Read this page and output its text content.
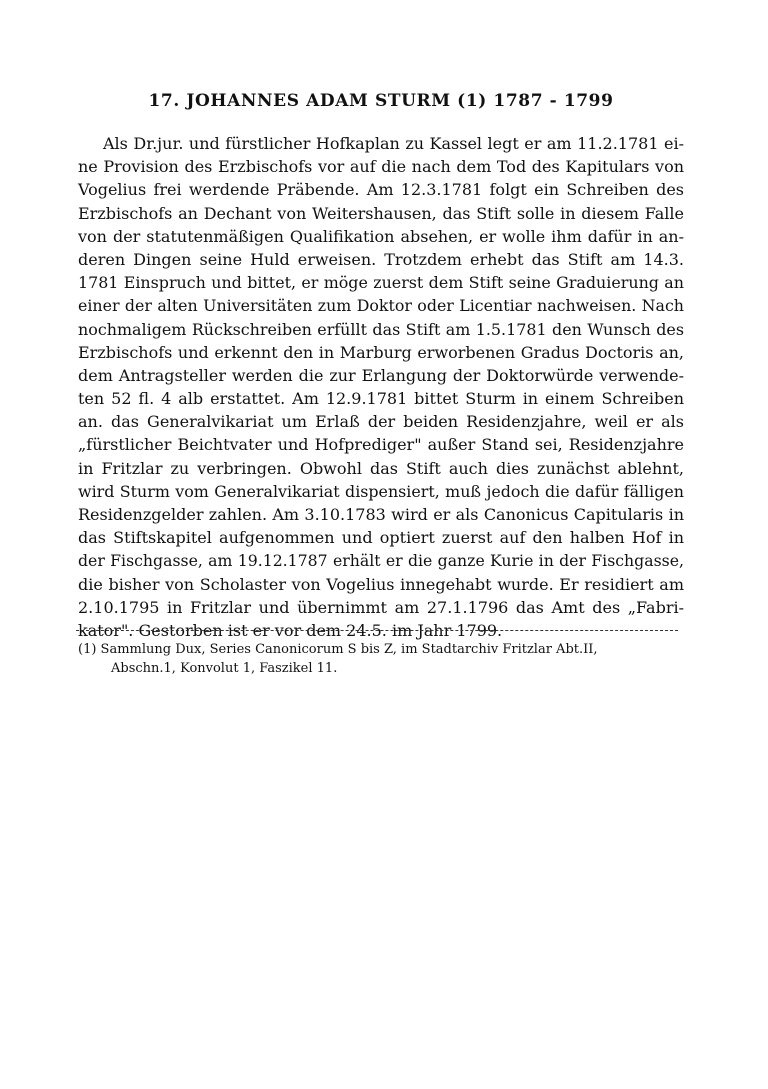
17. JOHANNES ADAM STURM (1) 1787 - 1799
Als Dr.jur. und fürstlicher Hofkaplan zu Kassel legt er am 11.2.1781 ei-
ne Provision des Erzbischofs vor auf die nach dem Tod des Kapitulars von
Vogelius frei werdende Präbende. Am 12.3.1781 folgt ein Schreiben des
Erzbischofs an Dechant von Weitershausen, das Stift solle in diesem Falle
von der statutenmäßigen Qualifikation absehen, er wolle ihm dafür in an-
deren Dingen seine Huld erweisen. Trotzdem erhebt das Stift am 14.3.
1781 Einspruch und bittet, er möge zuerst dem Stift seine Graduierung an
einer der alten Universitäten zum Doktor oder Licentiar nachweisen. Nach
nochmaligem Rückschreiben erfüllt das Stift am 1.5.1781 den Wunsch des
Erzbischofs und erkennt den in Marburg erworbenen Gradus Doctoris an,
dem Antragsteller werden die zur Erlangung der Doktorwürde verwende-
ten 52 fl. 4 alb erstattet. Am 12.9.1781 bittet Sturm in einem Schreiben
an. das Generalvikariat um Erlaß der beiden Residenzjahre, weil er als
„fürstlicher Beichtvater und Hofprediger" außer Stand sei, Residenzjahre
in Fritzlar zu verbringen. Obwohl das Stift auch dies zunächst ablehnt,
wird Sturm vom Generalvikariat dispensiert, muß jedoch die dafür fälligen
Residenzgelder zahlen. Am 3.10.1783 wird er als Canonicus Capitularis in
das Stiftskapitel aufgenommen und optiert zuerst auf den halben Hof in
der Fischgasse, am 19.12.1787 erhält er die ganze Kurie in der Fischgasse,
die bisher von Scholaster von Vogelius innegehabt wurde. Er residiert am
2.10.1795 in Fritzlar und übernimmt am 27.1.1796 das Amt des „Fabri-
kator". Gestorben ist er vor dem 24.5. im Jahr 1799.
(1) Sammlung Dux, Series Canonicorum S bis Z, im Stadtarchiv Fritzlar Abt.II,
Abschn.1, Konvolut 1, Faszikel 11.
